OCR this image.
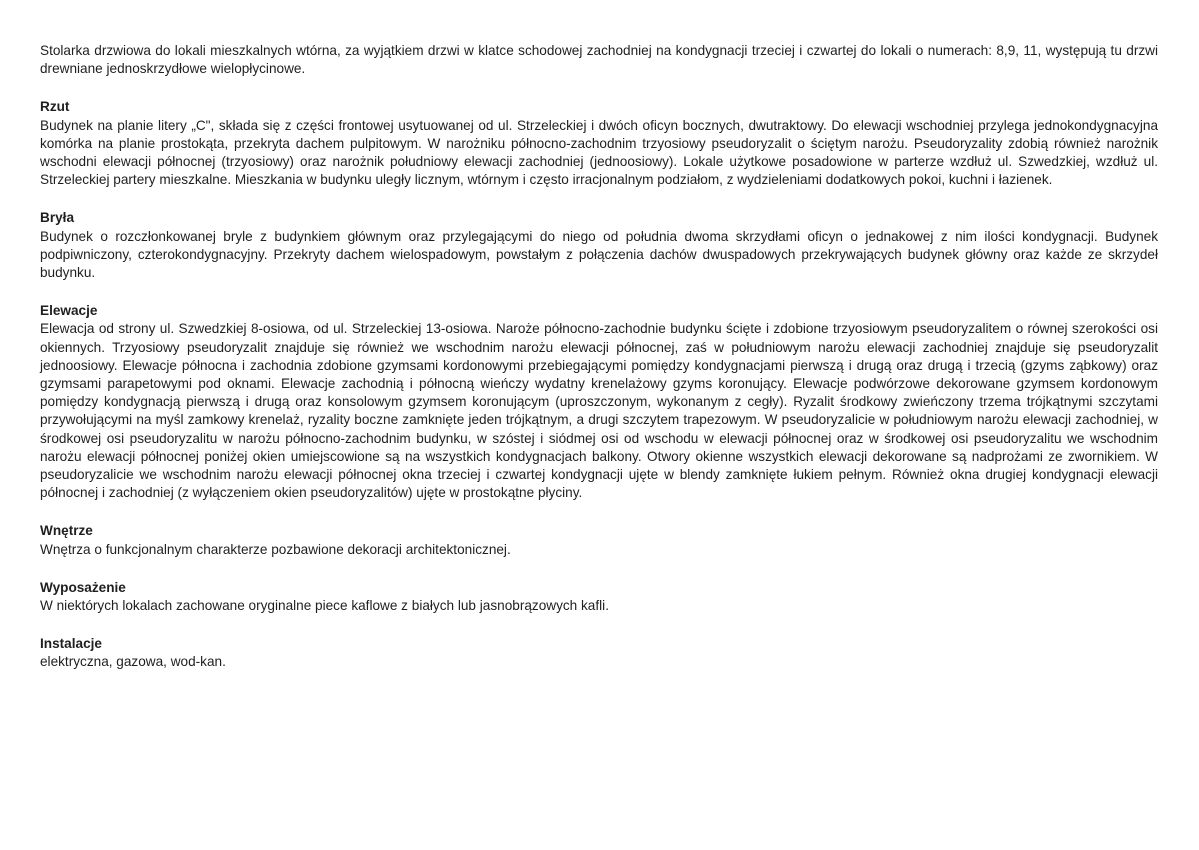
Stolarka drzwiowa do lokali mieszkalnych wtórna, za wyjątkiem drzwi w klatce schodowej zachodniej na kondygnacji trzeciej i czwartej do lokali o numerach: 8,9, 11, występują tu drzwi drewniane jednoskrzydłowe wielopłycinowe.

Rzut

Budynek na planie litery „C", składa się z części frontowej usytuowanej od ul. Strzeleckiej i dwóch oficyn bocznych, dwutraktowy. Do elewacji wschodniej przylega jednokondygnacyjna komórka na planie prostokąta, przekryta dachem pulpitowym. W narożniku północno-zachodnim trzyosiowy pseudoryzalit o ściętym narożu. Pseudoryzality zdobią również narożnik wschodni elewacji północnej (trzyosiowy) oraz narożnik południowy elewacji zachodniej (jednoosiowy). Lokale użytkowe posadowione w parterze wzdłuż ul. Szwedzkiej, wzdłuż ul. Strzeleckiej partery mieszkalne. Mieszkania w budynku uległy licznym, wtórnym i często irracjonalnym podziałom, z wydzieleniami dodatkowych pokoi, kuchni i łazienek.

Bryła

Budynek o rozczłonkowanej bryle z budynkiem głównym oraz przylegającymi do niego od południa dwoma skrzydłami oficyn o jednakowej z nim ilości kondygnacji. Budynek podpiwniczony, czterokondygnacyjny. Przekryty dachem wielospadowym, powstałym z połączenia dachów dwuspadowych przekrywających budynek główny oraz każde ze skrzydeł budynku.

Elewacje

Elewacja od strony ul. Szwedzkiej 8-osiowa, od ul. Strzeleckiej 13-osiowa. Naroże północno-zachodnie budynku ścięte i zdobione trzyosiowym pseudoryzalitem o równej szerokości osi okiennych. Trzyosiowy pseudoryzalit znajduje się również we wschodnim narożu elewacji północnej, zaś w południowym narożu elewacji zachodniej znajduje się pseudoryzalit jednoosiowy. Elewacje północna i zachodnia zdobione gzymsami kordonowymi przebiegającymi pomiędzy kondygnacjami pierwszą i drugą oraz drugą i trzecią (gzyms ząbkowy) oraz gzymsami parapetowymi pod oknami. Elewacje zachodnią i północną wieńczy wydatny krenelażowy gzyms koronujący. Elewacje podwórzowe dekorowane gzymsem kordonowym pomiędzy kondygnacją pierwszą i drugą oraz konsolowym gzymsem koronującym (uproszczonym, wykonanym z cegły). Ryzalit środkowy zwieńczony trzema trójkątnymi szczytami przywołującymi na myśl zamkowy krenelaż, ryzality boczne zamknięte jeden trójkątnym, a drugi szczytem trapezowym. W pseudoryzalicie w południowym narożu elewacji zachodniej, w środkowej osi pseudoryzalitu w narożu północno-zachodnim budynku, w szóstej i siódmej osi od wschodu w elewacji północnej oraz w środkowej osi pseudoryzalitu we wschodnim narożu elewacji północnej poniżej okien umiejscowione są na wszystkich kondygnacjach balkony. Otwory okienne wszystkich elewacji dekorowane są nadprożami ze zwornikiem. W pseudoryzalicie we wschodnim narożu elewacji północnej okna trzeciej i czwartej kondygnacji ujęte w blendy zamknięte łukiem pełnym. Również okna drugiej kondygnacji elewacji północnej i zachodniej (z wyłączeniem okien pseudoryzalitów) ujęte w prostokątne płyciny.

Wnętrze

Wnętrza o funkcjonalnym charakterze pozbawione dekoracji architektonicznej.

Wyposażenie

W niektórych lokalach zachowane oryginalne piece kaflowe z białych lub jasnobrązowych kafli.

Instalacje

elektryczna, gazowa, wod-kan.
